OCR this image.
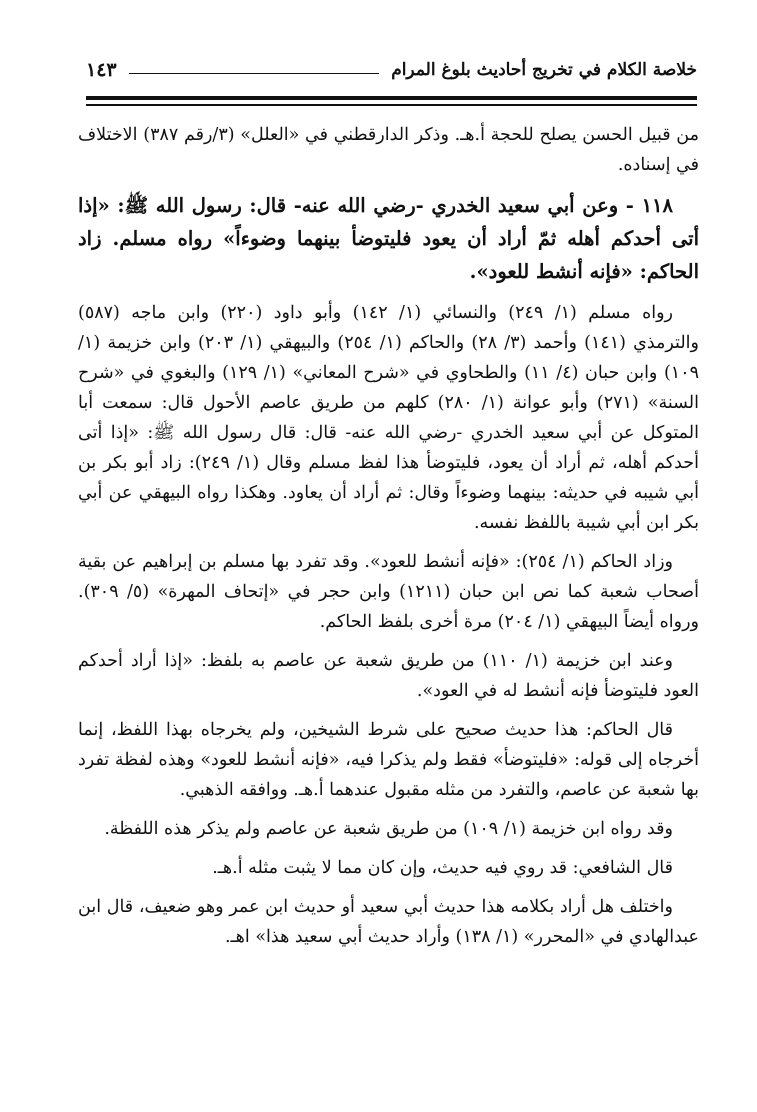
خلاصة الكلام في تخريج أحاديث بلوغ المرام
١٤٣

من قبيل الحسن يصلح للحجة أ.هـ. وذكر الدارقطني في «العلل» (٣/رقم ٣٨٧) الاختلاف في إسناده.

١١٨ - وعن أبي سعيد الخدري -رضي الله عنه- قال: رسول الله ﷺ: «إذا أتى أحدكم أهله ثمّ أراد أن يعود فليتوضأ بينهما وضوءاً» رواه مسلم. زاد الحاكم: «فإنه أنشط للعود».

رواه مسلم (١/ ٢٤٩) والنسائي (١/ ١٤٢) وأبو داود (٢٢٠) وابن ماجه (٥٨٧) والترمذي (١٤١) وأحمد (٣/ ٢٨) والحاكم (١/ ٢٥٤) والبيهقي (١/ ٢٠٣) وابن خزيمة (١/ ١٠٩) وابن حبان (٤/ ١١) والطحاوي في «شرح المعاني» (١/ ١٢٩) والبغوي في «شرح السنة» (٢٧١) وأبو عوانة (١/ ٢٨٠) كلهم من طريق عاصم الأحول قال: سمعت أبا المتوكل عن أبي سعيد الخدري -رضي الله عنه- قال: قال رسول الله ﷺ: «إذا أتى أحدكم أهله، ثم أراد أن يعود، فليتوضأ هذا لفظ مسلم وقال (١/ ٢٤٩): زاد أبو بكر بن أبي شيبه في حديثه: بينهما وضوءاً وقال: ثم أراد أن يعاود. وهكذا رواه البيهقي عن أبي بكر ابن أبي شيبة باللفظ نفسه.

وزاد الحاكم (١/ ٢٥٤): «فإنه أنشط للعود». وقد تفرد بها مسلم بن إبراهيم عن بقية أصحاب شعبة كما نص ابن حبان (١٢١١) وابن حجر في «إتحاف المهرة» (٥/ ٣٠٩). ورواه أيضاً البيهقي (١/ ٢٠٤) مرة أخرى بلفظ الحاكم.

وعند ابن خزيمة (١/ ١١٠) من طريق شعبة عن عاصم به بلفظ: «إذا أراد أحدكم العود فليتوضأ فإنه أنشط له في العود».

قال الحاكم: هذا حديث صحيح على شرط الشيخين، ولم يخرجاه بهذا اللفظ، إنما أخرجاه إلى قوله: «فليتوضأ» فقط ولم يذكرا فيه، «فإنه أنشط للعود» وهذه لفظة تفرد بها شعبة عن عاصم، والتفرد من مثله مقبول عندهما أ.هـ. ووافقه الذهبي.

وقد رواه ابن خزيمة (١/ ١٠٩) من طريق شعبة عن عاصم ولم يذكر هذه اللفظة.

قال الشافعي: قد روي فيه حديث، وإن كان مما لا يثبت مثله أ.هـ.

واختلف هل أراد بكلامه هذا حديث أبي سعيد أو حديث ابن عمر وهو ضعيف، قال ابن عبدالهادي في «المحرر» (١/ ١٣٨) وأراد حديث أبي سعيد هذا» اهـ.
